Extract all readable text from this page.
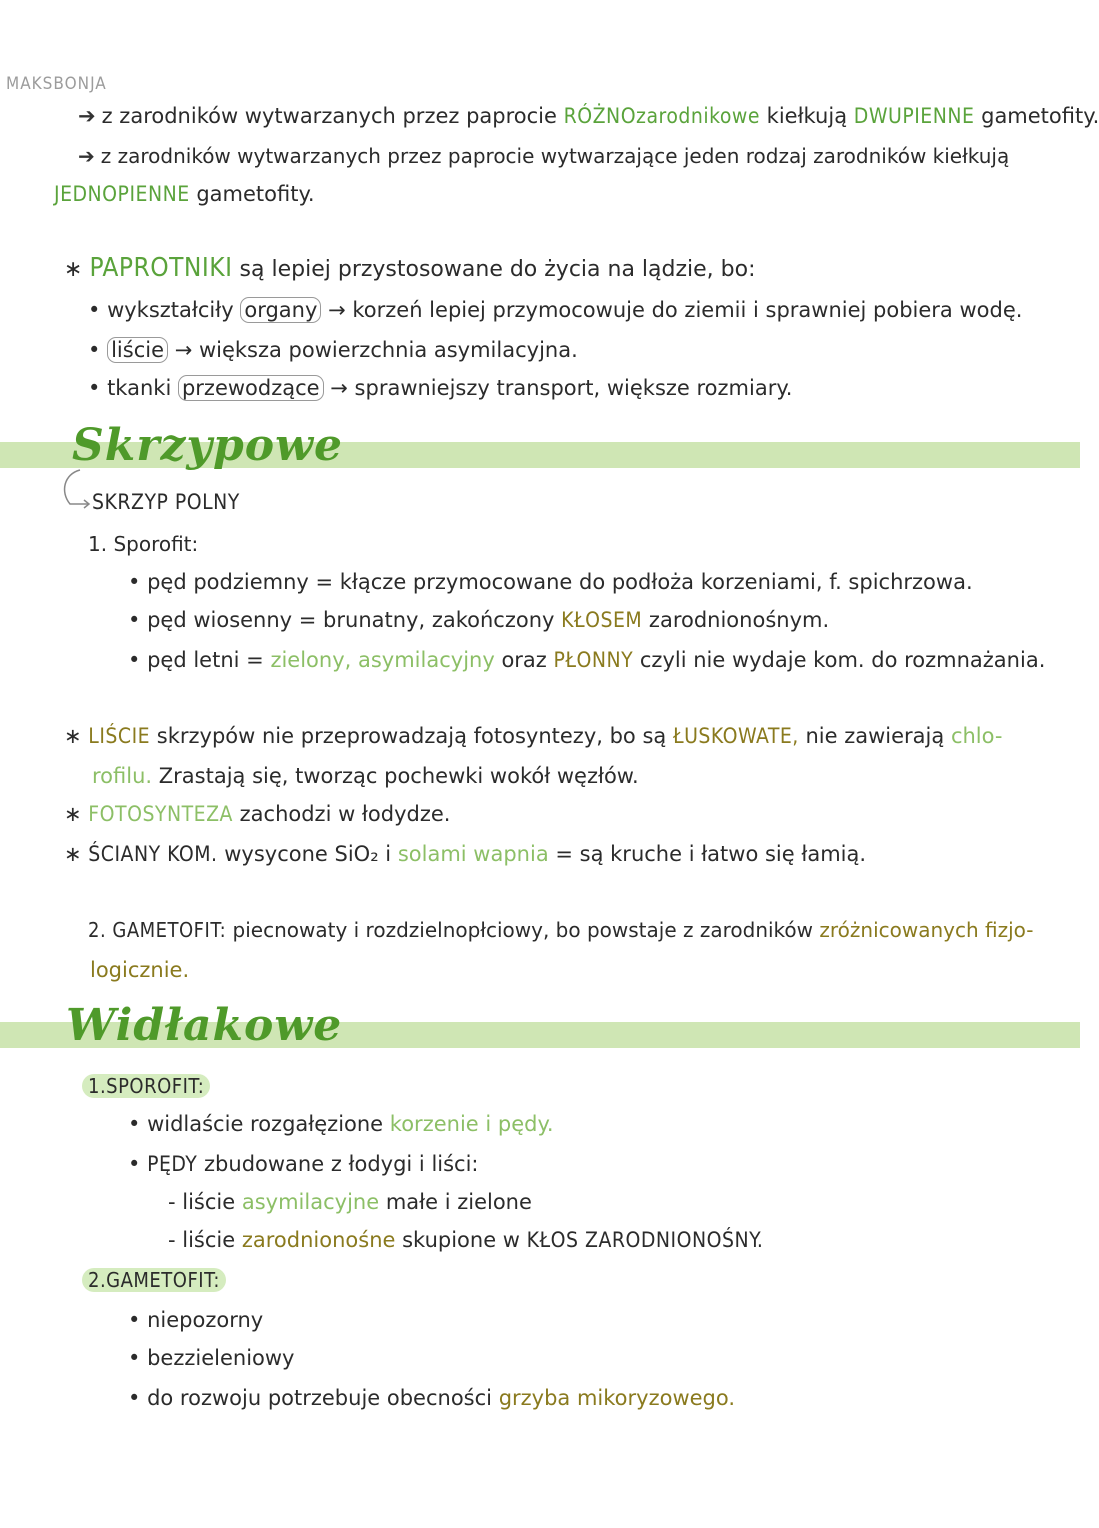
MAKSBONJA
➔ z zarodników wytwarzanych przez paprocie RÓŻNOzarodnikowe kiełkują DWUPIENNE gametofity.
➔ z zarodników wytwarzanych przez paprocie wytwarzające jeden rodzaj zarodników kiełkują
JEDNOPIENNE gametofity.
∗ PAPROTNIKI są lepiej przystosowane do życia na lądzie, bo:
• wykształciły organy → korzeń lepiej przymocowuje do ziemii i sprawniej pobiera wodę.
• liście → większa powierzchnia asymilacyjna.
• tkanki przewodzące → sprawniejszy transport, większe rozmiary.
Skrzypowe
SKRZYP POLNY
1. Sporofit:
• pęd podziemny = kłącze przymocowane do podłoża korzeniami, f. spichrzowa.
• pęd wiosenny = brunatny, zakończony KŁOSEM zarodnionośnym.
• pęd letni = zielony, asymilacyjny oraz PŁONNY czyli nie wydaje kom. do rozmnażania.
∗ LIŚCIE skrzypów nie przeprowadzają fotosyntezy, bo są ŁUSKOWATE, nie zawierają chlo-
rofilu. Zrastają się, tworząc pochewki wokół węzłów.
∗ FOTOSYNTEZA zachodzi w łodydze.
∗ ŚCIANY KOM. wysycone SiO₂ i solami wapnia = są kruche i łatwo się łamią.
2. GAMETOFIT: piecnowaty i rozdzielnopłciowy, bo powstaje z zarodników zróżnicowanych fizjo-
logicznie.
Widłakowe
1.SPOROFIT:
• widlaście rozgałęzione korzenie i pędy.
• PĘDY zbudowane z łodygi i liści:
- liście asymilacyjne małe i zielone
- liście zarodnionośne skupione w KŁOS ZARODNIONOŚNY.
2.GAMETOFIT:
• niepozorny
• bezzieleniowy
• do rozwoju potrzebuje obecności grzyba mikoryzowego.
